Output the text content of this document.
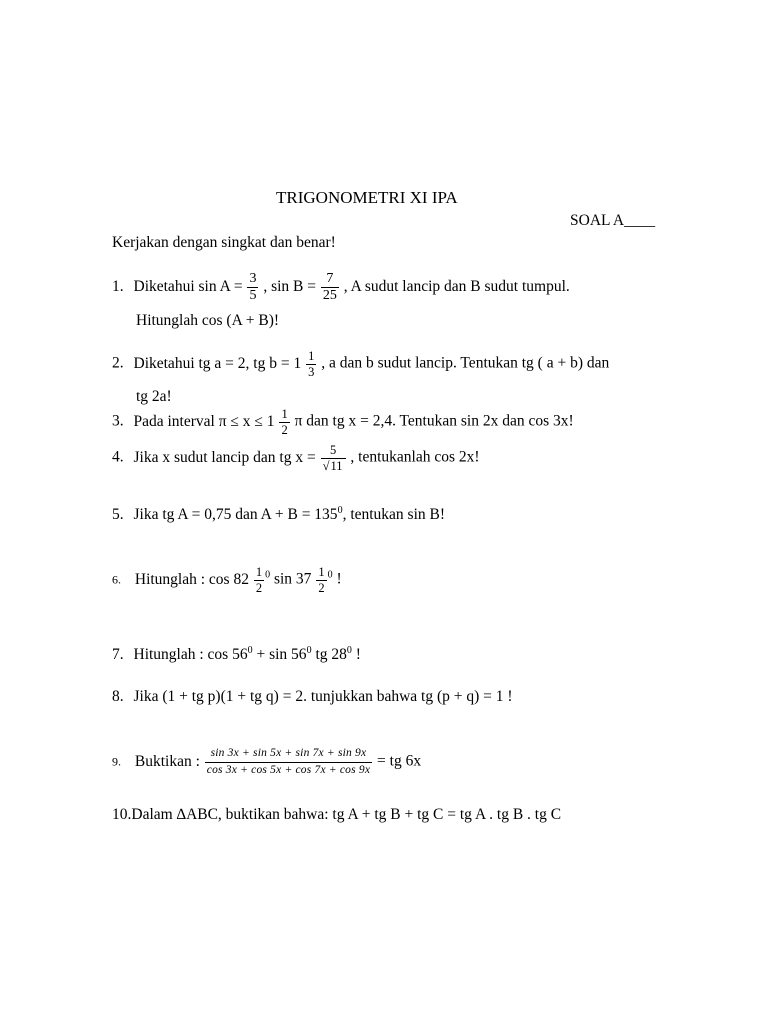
TRIGONOMETRI XI IPA
SOAL A____
Kerjakan dengan singkat dan benar!
1. Diketahui $\sin A = \frac{3}{5}$ , $\sin B = \frac{7}{25}$ , A sudut lancip dan B sudut tumpul.
Hitunglah cos (A + B)!
2. Diketahui tg a = 2, tg $b = 1 \frac{1}{3}$ , a dan b sudut lancip. Tentukan tg ( a + b) dan
tg 2a!
3. Pada interval $\pi \le x \le 1 \frac{1}{2}$ π dan tg x = 2,4. Tentukan sin 2x dan cos 3x!
4. Jika x sudut lancip dan tg $x = \frac{5}{√11}$ , tentukanlah cos 2x!
5. Jika tg A = 0,75 dan $A + B = 135^0$, tentukan sin B!
6. Hitunglah : $\cos 82 \frac{1}{2} ^0$ $\sin 37 \frac{1}{2} ^0$ !
7. Hitunglah : $\cos 56^0 + \sin 56^0$ tg $28^0$ !
8. Jika (1 + tg p)(1 + tg q) = 2. tunjukkan bahwa tg (p + q) = 1 !
9. Buktikan : $\frac{\sin 3x + \sin 5x + \sin 7x + \sin 9x}{\cos 3x + \cos 5x + \cos 7x + \cos 9x}$ = tg 6x
10.Dalam ∆ABC, buktikan bahwa: tg A + tg B + tg C = tg A . tg B . tg C
